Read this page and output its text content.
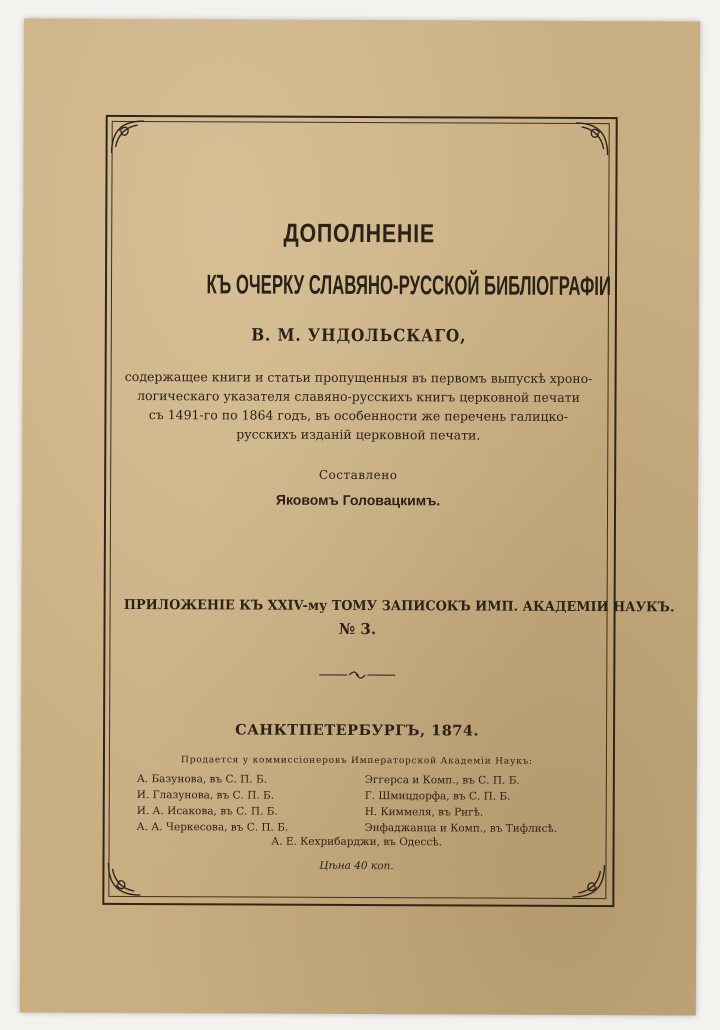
ДОПОЛНЕНІЕ
КЪ ОЧЕРКУ СЛАВЯНО-РУССКОЙ БИБЛІОГРАФІИ
В. М. УНДОЛЬСКАГО,
содержащее книги и статьи пропущенныя въ первомъ выпускѣ хроно-
логическаго указателя славяно-русскихъ книгъ церковной печати
съ 1491-го по 1864 годъ, въ особенности же перечень галицко-
русскихъ изданій церковной печати.
Составлено
Яковомъ Головацкимъ.
ПРИЛОЖЕНІЕ КЪ XXIV-му ТОМУ ЗАПИСОКЪ ИМП. АКАДЕМІИ НАУКЪ.
№ 3.
САНКТПЕТЕРБУРГЪ, 1874.
Продается у коммиссіонеровъ Императорской Академіи Наукъ:
А. Базунова, въ С. П. Б.	Эггерса и Комп., въ С. П. Б.
И. Глазунова, въ С. П. Б.	Г. Шмицдорфа, въ С. П. Б.
И. А. Исакова, въ С. П. Б.	Н. Киммеля, въ Ригѣ.
А. А. Черкесова, въ С. П. Б.	Энфаджанца и Комп., въ Тифлисѣ.
А. Е. Кехрибарджи, въ Одессѣ.
Цѣна 40 коп.
